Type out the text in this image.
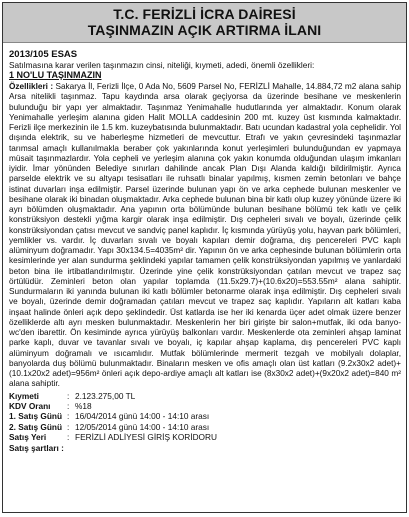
T.C. FERİZLİ İCRA DAİRESİ
TAŞINMAZIN AÇIK ARTIRMA İLANI
2013/105 ESAS
Satılmasına karar verilen taşınmazın cinsi, niteliği, kıymeti, adedi, önemli özellikleri:
1 NO'LU TAŞINMAZIN
Özellikleri : Sakarya İl, Ferizli İlçe, 0 Ada No, 5609 Parsel No, FERİZLİ Mahalle, 14.884,72 m2 alana sahip Arsa nitelikli taşınmaz. Tapu kaydında arsa olarak geçiyorsa da üzerinde besihane ve meskenlerin bulunduğu bir yapı yer almaktadır. Taşınmaz Yenimahalle hudutlarında yer almaktadır. Konum olarak Yenimahalle yerleşim alanına giden Halit MOLLA caddesinin 200 mt. kuzey üst kısmında kalmaktadır. Ferizli ilçe merkezinin ile 1.5 km. kuzeybatısında bulunmaktadır. Batı ucundan kadastral yola cephelidir. Yol dışında elektrik, su ve haberleşme hizmetleri de mevcuttur. Etrafı ve yakın çevresindeki taşınmazlar tarımsal amaçlı kullanılmakla beraber çok yakınlarında konut yerleşimleri bulunduğundan ev yapmaya müsait taşınmazlardır. Yola cepheli ve yerleşim alanına çok yakın konumda olduğundan ulaşım imkanları iyidir. İmar yönünden Belediye sınırları dahilinde ancak Plan Dışı Alanda kaldığı bildirilmiştir. Ayrıca parselde elektrik ve su altyapı tesisatları ile ruhsatlı binalar yapılmış, kısmen zemin betonları ve bahçe istinat duvarları inşa edilmiştir. Parsel üzerinde bulunan yapı ön ve arka cephede bulunan meskenler ve besihane olarak iki binadan oluşmaktadır. Arka cephede bulunan bina bir katlı olup kuzey yönünde üzere iki ayrı bölümden oluşmaktadır. Ana yapının orta bölümünde bulunan besihane bölümü tek katlı ve çelik konstrüksiyon destekli yığma kargir olarak inşa edilmiştir. Dış cepheleri sıvalı ve boyalı, üzerinde çelik konstrüksiyondan çatısı mevcut ve sandviç panel kaplıdır. İç kısmında yürüyüş yolu, hayvan park bölümleri, yemlikler vs. vardır. İç duvarları sıvalı ve boyalı kapıları demir doğrama, dış pencereleri PVC kaplı alüminyum doğramadır. Yapı 30x134.5=4035m² dir. Yapının ön ve arka cephesinde bulunan bölümlerin orta kesimlerinde yer alan sundurma şeklindeki yapılar tamamen çelik konstrüksiyondan yapılmış ve yanlardaki beton bina ile irtibatlandırılmıştır. Üzerinde yine çelik konstrüksiyondan çatılan mevcut ve trapez saç örtülüdür. Zeminleri beton olan yapılar toplamda (11.5x29.7)+(10.6x20)=553.55m² alana sahiptir. Sundurmaların iki yanında bulunan iki katlı bölümler betonarme olarak inşa edilmiştir. Dış cepheleri sıvalı ve boyalı, üzerinde demir doğramadan çatıları mevcut ve trapez saç kaplıdır. Yapıların alt katları kaba inşaat halinde önleri açık depo şeklindedir. Üst katlarda ise her iki kenarda üçer adet olmak üzere benzer özelliklerde altı ayrı mesken bulunmaktadır. Meskenlerin her biri girişte bir salon+mutfak, iki oda banyo-wc'den ibarettir. Ön kesiminde ayrıca yürüyüş balkonları vardır. Meskenlerde ota zeminleri ahşap laminat parke kaplı, duvar ve tavanlar sıvalı ve boyalı, iç kapılar ahşap kaplama, dış pencereleri PVC kaplı alüminyum doğramalı ve ısıcamlıdır. Mutfak bölümlerinde mermerit tezgah ve mobilyalı dolaplar, banyolarda duş bölümü bulunmaktadır. Binaların mesken ve ofis amaçlı olan üst katları (9.2x30x2 adet)+(10.1x20x2 adet)=956m² önleri açık depo-ardiye amaçlı alt katları ise (8x30x2 adet)+(9x20x2 adet)=840 m² alana sahiptir.
Kıymeti	: 2.123.275,00 TL
KDV Oranı	: %18
1. Satış Günü : 16/04/2014 günü 14:00 - 14:10 arası
2. Satış Günü : 12/05/2014 günü 14:00 - 14:10 arası
Satış Yeri	: FERİZLİ ADLİYESİ GİRİŞ KORİDORU
Satış şartları :
